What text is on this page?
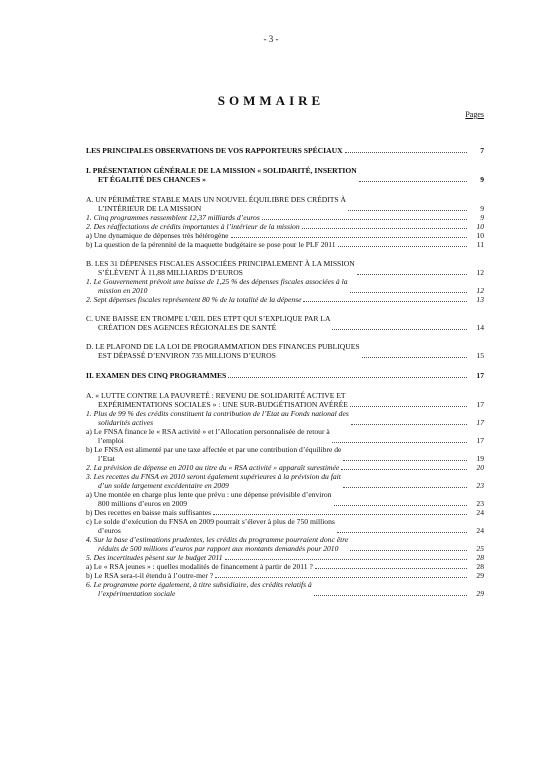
- 3 -
SOMMAIRE
Pages
LES PRINCIPALES OBSERVATIONS DE VOS RAPPORTEURS SPÉCIAUX	7
I. PRÉSENTATION GÉNÉRALE DE LA MISSION « SOLIDARITÉ, INSERTION
ET ÉGALITÉ DES CHANCES »	9
A. UN PÉRIMÈTRE STABLE MAIS UN NOUVEL ÉQUILIBRE DES CRÉDITS À
L’INTÉRIEUR DE LA MISSION	9
1. Cinq programmes rassemblent 12,37 milliards d’euros	9
2. Des réaffectations de crédits importantes à l’intérieur de la mission	10
a) Une dynamique de dépenses très hétérogène	10
b) La question de la pérennité de la maquette budgétaire se pose pour le PLF 2011	11
B. LES 31 DÉPENSES FISCALES ASSOCIÉES PRINCIPALEMENT À LA MISSION
S’ÉLÈVENT À 11,88 MILLIARDS D’EUROS	12
1. Le Gouvernement prévoit une baisse de 1,25 % des dépenses fiscales associées à la
mission en 2010	12
2. Sept dépenses fiscales représentent 80 % de la totalité de la dépense	13
C. UNE BAISSE EN TROMPE L’ŒIL DES ETPT QUI S’EXPLIQUE PAR LA
CRÉATION DES AGENCES RÉGIONALES DE SANTÉ	14
D. LE PLAFOND DE LA LOI DE PROGRAMMATION DES FINANCES PUBLIQUES
EST DÉPASSÉ D’ENVIRON 735 MILLIONS D’EUROS	15
II. EXAMEN DES CINQ PROGRAMMES	17
A. « LUTTE CONTRE LA PAUVRETÉ : REVENU DE SOLIDARITÉ ACTIVE ET
EXPÉRIMENTATIONS SOCIALES » : UNE SUR-BUDGÉTISATION AVÉRÉE	17
1. Plus de 99 % des crédits constituent la contribution de l’Etat au Fonds national des
solidarités actives	17
a) Le FNSA finance le « RSA activité » et l’Allocation personnalisée de retour à
l’emploi	17
b) Le FNSA est alimenté par une taxe affectée et par une contribution d’équilibre de
l’Etat	19
2. La prévision de dépense en 2010 au titre du « RSA activité » apparaît surestimée	20
3. Les recettes du FNSA en 2010 seront également supérieures à la prévision du fait
d’un solde largement excédentaire en 2009	23
a) Une montée en charge plus lente que prévu : une dépense prévisible d’environ
800 millions d’euros en 2009	23
b) Des recettes en baisse mais suffisantes	24
c) Le solde d’exécution du FNSA en 2009 pourrait s’élever à plus de 750 millions
d’euros	24
4. Sur la base d’estimations prudentes, les crédits du programme pourraient donc être
réduits de 500 millions d’euros par rapport aux montants demandés pour 2010	25
5. Des incertitudes pèsent sur le budget 2011	28
a) Le « RSA jeunes » : quelles modalités de financement à partir de 2011 ?	28
b) Le RSA sera-t-il étendu à l’outre-mer ?	29
6. Le programme porte également, à titre subsidiaire, des crédits relatifs à
l’expérimentation sociale	29
